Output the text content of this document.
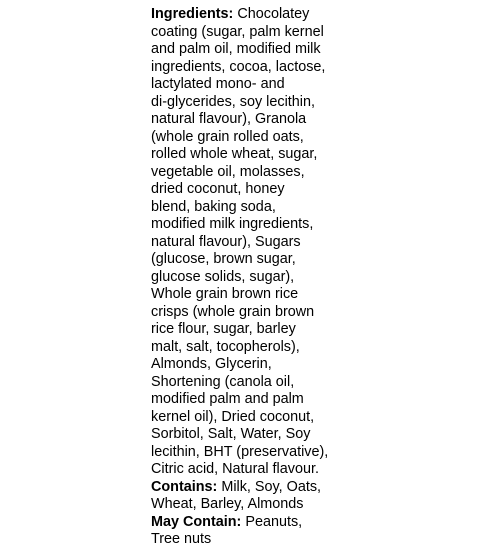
Ingredients: Chocolatey
coating (sugar, palm kernel
and palm oil, modified milk
ingredients, cocoa, lactose,
lactylated mono- and
di-glycerides, soy lecithin,
natural flavour), Granola
(whole grain rolled oats,
rolled whole wheat, sugar,
vegetable oil, molasses,
dried coconut, honey
blend, baking soda,
modified milk ingredients,
natural flavour), Sugars
(glucose, brown sugar,
glucose solids, sugar),
Whole grain brown rice
crisps (whole grain brown
rice flour, sugar, barley
malt, salt, tocopherols),
Almonds, Glycerin,
Shortening (canola oil,
modified palm and palm
kernel oil), Dried coconut,
Sorbitol, Salt, Water, Soy
lecithin, BHT (preservative),
Citric acid, Natural flavour.
Contains: Milk, Soy, Oats,
Wheat, Barley, Almonds
May Contain: Peanuts,
Tree nuts
